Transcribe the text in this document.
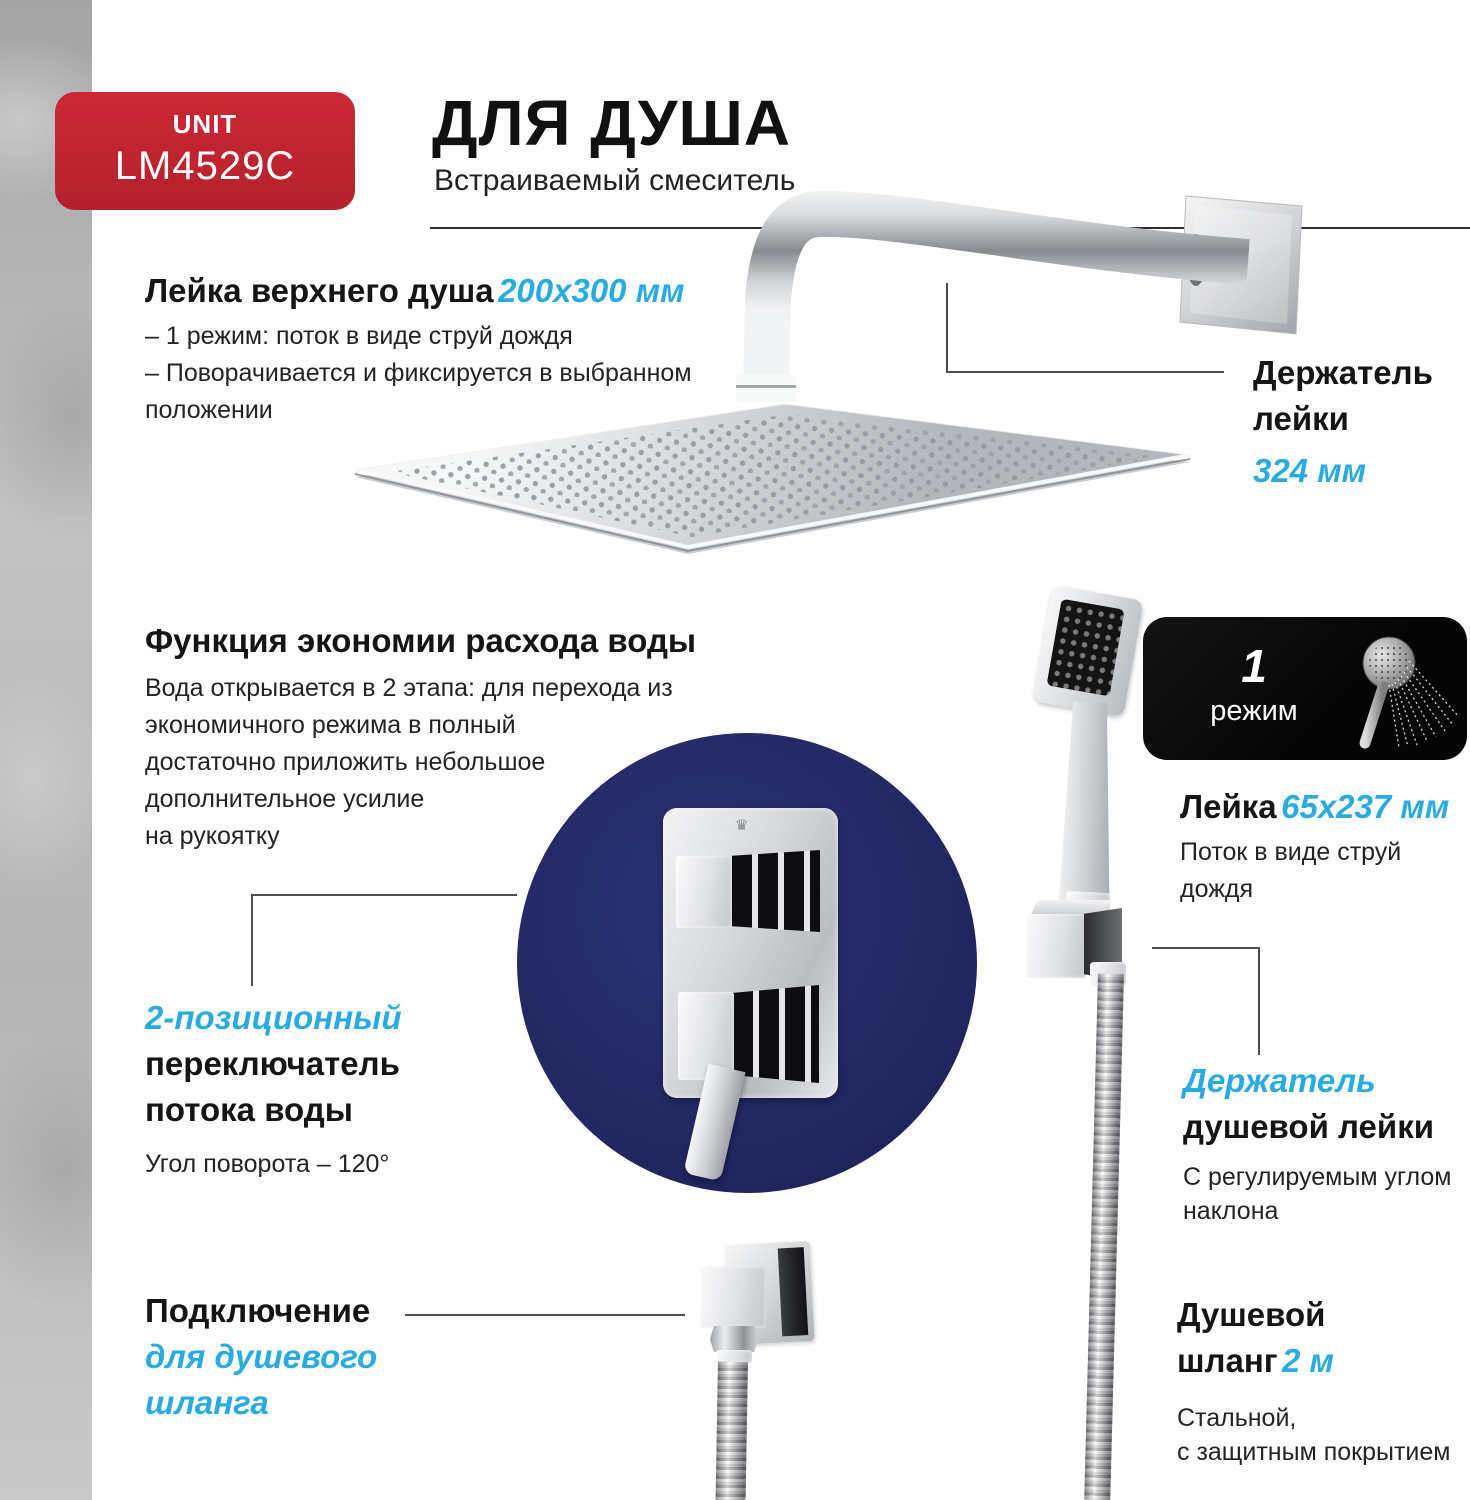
UNIT
LM4529C
ДЛЯ ДУША
Встраиваемый смеситель
Лейка верхнего душа 200x300 мм
– 1 режим: поток в виде струй дождя
– Поворачивается и фиксируется в выбранном
положении
Держатель
лейки
324 мм
Функция экономии расхода воды
Вода открывается в 2 этапа: для перехода из
экономичного режима в полный
достаточно приложить небольшое
дополнительное усилие
на рукоятку	♛
2-позиционный
переключатель
потока воды
Угол поворота – 120°
1
режим
Лейка 65x237 мм
Поток в виде струй дождя
Держатель
душевой лейки
С регулируемым углом
наклона
Подключение
для душевого
шланга
Душевой
шланг 2 м
Стальной,
с защитным покрытием
